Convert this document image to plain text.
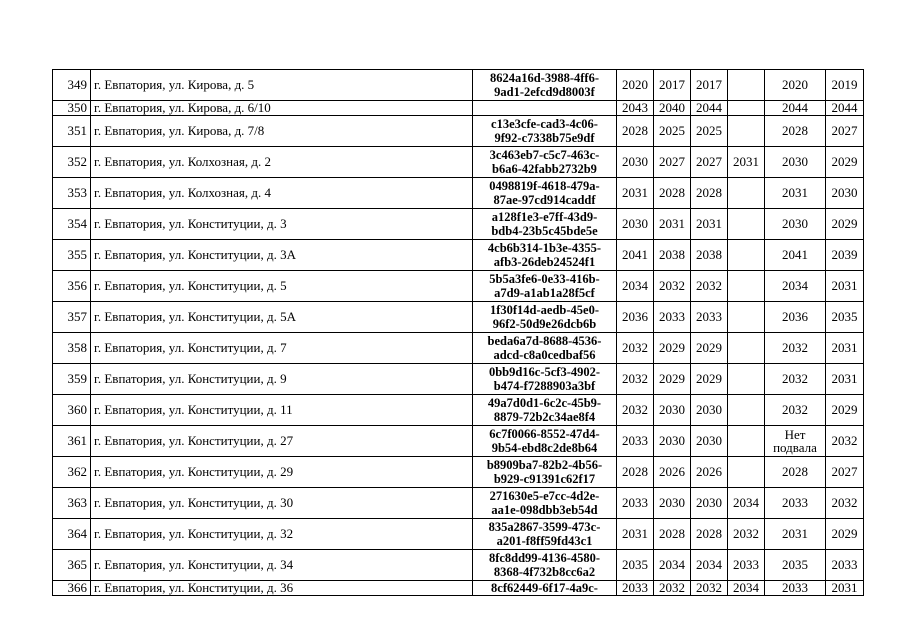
349	г. Евпатория, ул. Кирова, д. 5	8624a16d-3988-4ff6-
9ad1-2efcd9d8003f	2020	2017	2017		2020	2019
350	г. Евпатория, ул. Кирова, д. 6/10		2043	2040	2044		2044	2044
351	г. Евпатория, ул. Кирова, д. 7/8	c13e3cfe-cad3-4c06-
9f92-c7338b75e9df	2028	2025	2025		2028	2027
352	г. Евпатория, ул. Колхозная, д. 2	3c463eb7-c5c7-463c-
b6a6-42fabb2732b9	2030	2027	2027	2031	2030	2029
353	г. Евпатория, ул. Колхозная, д. 4	0498819f-4618-479a-
87ae-97cd914caddf	2031	2028	2028		2031	2030
354	г. Евпатория, ул. Конституции, д. 3	a128f1e3-e7ff-43d9-
bdb4-23b5c45bde5e	2030	2031	2031		2030	2029
355	г. Евпатория, ул. Конституции, д. 3А	4cb6b314-1b3e-4355-
afb3-26deb24524f1	2041	2038	2038		2041	2039
356	г. Евпатория, ул. Конституции, д. 5	5b5a3fe6-0e33-416b-
a7d9-a1ab1a28f5cf	2034	2032	2032		2034	2031
357	г. Евпатория, ул. Конституции, д. 5А	1f30f14d-aedb-45e0-
96f2-50d9e26dcb6b	2036	2033	2033		2036	2035
358	г. Евпатория, ул. Конституции, д. 7	beda6a7d-8688-4536-
adcd-c8a0cedbaf56	2032	2029	2029		2032	2031
359	г. Евпатория, ул. Конституции, д. 9	0bb9d16c-5cf3-4902-
b474-f7288903a3bf	2032	2029	2029		2032	2031
360	г. Евпатория, ул. Конституции, д. 11	49a7d0d1-6c2c-45b9-
8879-72b2c34ae8f4	2032	2030	2030		2032	2029
361	г. Евпатория, ул. Конституции, д. 27	6c7f0066-8552-47d4-
9b54-ebd8c2de8b64	2033	2030	2030		Нет
подвала	2032
362	г. Евпатория, ул. Конституции, д. 29	b8909ba7-82b2-4b56-
b929-c91391c62f17	2028	2026	2026		2028	2027
363	г. Евпатория, ул. Конституции, д. 30	271630e5-e7cc-4d2e-
aa1e-098dbb3eb54d	2033	2030	2030	2034	2033	2032
364	г. Евпатория, ул. Конституции, д. 32	835a2867-3599-473c-
a201-f8ff59fd43c1	2031	2028	2028	2032	2031	2029
365	г. Евпатория, ул. Конституции, д. 34	8fc8dd99-4136-4580-
8368-4f732b8cc6a2	2035	2034	2034	2033	2035	2033
366	г. Евпатория, ул. Конституции, д. 36	8cf62449-6f17-4a9c-	2033	2032	2032	2034	2033	2031
